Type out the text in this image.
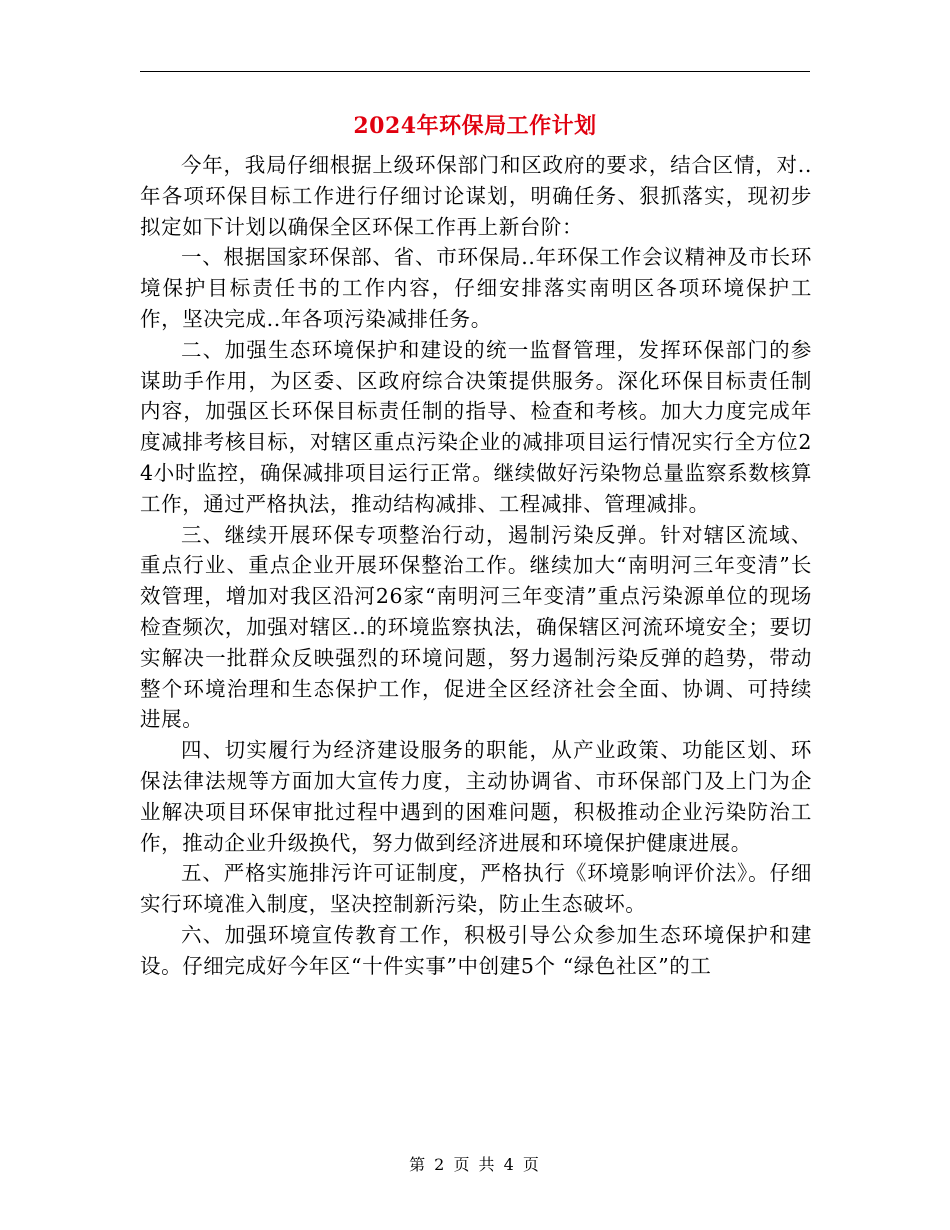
2024年环保局工作计划

今年，我局仔细根据上级环保部门和区政府的要求，结合区情，对..年各项环保目标工作进行仔细讨论谋划，明确任务、狠抓落实，现初步拟定如下计划以确保全区环保工作再上新台阶：

一、根据国家环保部、省、市环保局..年环保工作会议精神及市长环境保护目标责任书的工作内容，仔细安排落实南明区各项环境保护工作，坚决完成..年各项污染减排任务。

二、加强生态环境保护和建设的统一监督管理，发挥环保部门的参谋助手作用，为区委、区政府综合决策提供服务。深化环保目标责任制内容，加强区长环保目标责任制的指导、检查和考核。加大力度完成年度减排考核目标，对辖区重点污染企业的减排项目运行情况实行全方位24小时监控，确保减排项目运行正常。继续做好污染物总量监察系数核算工作，通过严格执法，推动结构减排、工程减排、管理减排。

三、继续开展环保专项整治行动，遏制污染反弹。针对辖区流域、重点行业、重点企业开展环保整治工作。继续加大“南明河三年变清”长效管理，增加对我区沿河26家“南明河三年变清”重点污染源单位的现场检查频次，加强对辖区..的环境监察执法，确保辖区河流环境安全；要切实解决一批群众反映强烈的环境问题，努力遏制污染反弹的趋势，带动整个环境治理和生态保护工作，促进全区经济社会全面、协调、可持续进展。

四、切实履行为经济建设服务的职能，从产业政策、功能区划、环保法律法规等方面加大宣传力度，主动协调省、市环保部门及上门为企业解决项目环保审批过程中遇到的困难问题，积极推动企业污染防治工作，推动企业升级换代，努力做到经济进展和环境保护健康进展。

五、严格实施排污许可证制度，严格执行《环境影响评价法》。仔细实行环境准入制度，坚决控制新污染，防止生态破坏。

六、加强环境宣传教育工作，积极引导公众参加生态环境保护和建设。仔细完成好今年区“十件实事”中创建5个 “绿色社区”的工

第 2 页 共 4 页
